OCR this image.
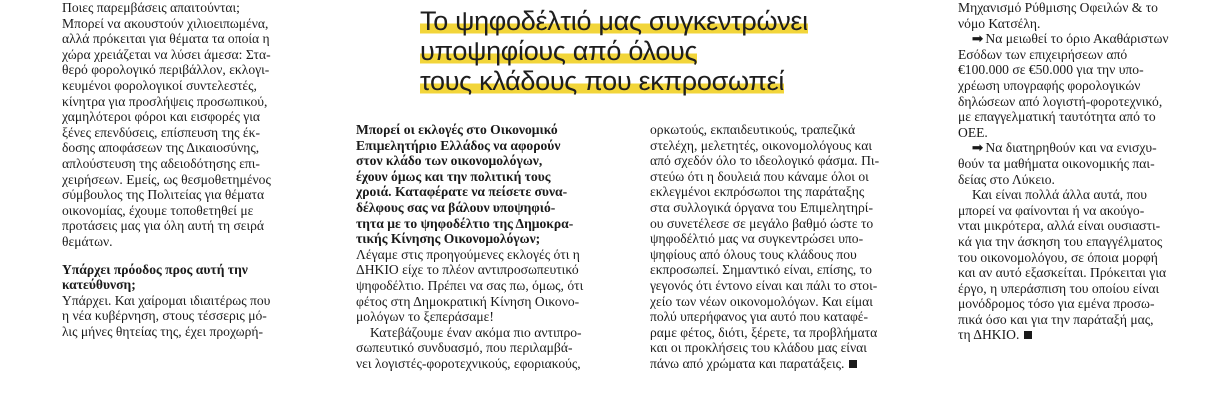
Το ψηφοδέλτιό μας συγκεντρώνει
υποψηφίους από όλους
τους κλάδους που εκπροσωπεί

Ποιες παρεμβάσεις απαιτούνται;
Μπορεί να ακουστούν χιλιοειπωμένα,
αλλά πρόκειται για θέματα τα οποία η
χώρα χρειάζεται να λύσει άμεσα: Στα-
θερό φορολογικό περιβάλλον, εκλογι-
κευμένοι φορολογικοί συντελεστές,
κίνητρα για προσλήψεις προσωπικού,
χαμηλότεροι φόροι και εισφορές για
ξένες επενδύσεις, επίσπευση της έκ-
δοσης αποφάσεων της Δικαιοσύνης,
απλούστευση της αδειοδότησης επι-
χειρήσεων. Εμείς, ως θεσμοθετημένος
σύμβουλος της Πολιτείας για θέματα
οικονομίας, έχουμε τοποθετηθεί με
προτάσεις μας για όλη αυτή τη σειρά
θεμάτων.

Υπάρχει πρόοδος προς αυτή την
κατεύθυνση;

Υπάρχει. Και χαίρομαι ιδιαιτέρως που
η νέα κυβέρνηση, στους τέσσερις μό-
λις μήνες θητείας της, έχει προχωρή-

Μπορεί οι εκλογές στο Οικονομικό
Επιμελητήριο Ελλάδος να αφορούν
στον κλάδο των οικονομολόγων,
έχουν όμως και την πολιτική τους
χροιά. Καταφέρατε να πείσετε συνα-
δέλφους σας να βάλουν υποψηφιό-
τητα με το ψηφοδέλτιο της Δημοκρα-
τικής Κίνησης Οικονομολόγων;

Λέγαμε στις προηγούμενες εκλογές ότι η
ΔΗΚΙΟ είχε το πλέον αντιπροσωπευτικό
ψηφοδέλτιο. Πρέπει να σας πω, όμως, ότι
φέτος στη Δημοκρατική Κίνηση Οικονο-
μολόγων το ξεπεράσαμε!

Κατεβάζουμε έναν ακόμα πιο αντιπρο-
σωπευτικό συνδυασμό, που περιλαμβά-
νει λογιστές-φοροτεχνικούς, εφοριακούς,

ορκωτούς, εκπαιδευτικούς, τραπεζικά
στελέχη, μελετητές, οικονομολόγους και
από σχεδόν όλο το ιδεολογικό φάσμα. Πι-
στεύω ότι η δουλειά που κάναμε όλοι οι
εκλεγμένοι εκπρόσωποι της παράταξης
στα συλλογικά όργανα του Επιμελητηρί-
ου συνετέλεσε σε μεγάλο βαθμό ώστε το
ψηφοδέλτιό μας να συγκεντρώσει υπο-
ψηφίους από όλους τους κλάδους που
εκπροσωπεί. Σημαντικό είναι, επίσης, το
γεγονός ότι έντονο είναι και πάλι το στοι-
χείο των νέων οικονομολόγων. Και είμαι
πολύ υπερήφανος για αυτό που καταφέ-
ραμε φέτος, διότι, ξέρετε, τα προβλήματα
και οι προκλήσεις του κλάδου μας είναι
πάνω από χρώματα και παρατάξεις.

Μηχανισμό Ρύθμισης Οφειλών & το
νόμο Κατσέλη.

➟ Να μειωθεί το όριο Ακαθάριστων
Εσόδων των επιχειρήσεων από
€100.000 σε €50.000 για την υπο-
χρέωση υπογραφής φορολογικών
δηλώσεων από λογιστή-φοροτεχνικό,
με επαγγελματική ταυτότητα από το
ΟΕΕ.

➟ Να διατηρηθούν και να ενισχυ-
θούν τα μαθήματα οικονομικής παι-
δείας στο Λύκειο.

Και είναι πολλά άλλα αυτά, που
μπορεί να φαίνονται ή να ακούγο-
νται μικρότερα, αλλά είναι ουσιαστι-
κά για την άσκηση του επαγγέλματος
του οικονομολόγου, σε όποια μορφή
και αν αυτό εξασκείται. Πρόκειται για
έργο, η υπεράσπιση του οποίου είναι
μονόδρομος τόσο για εμένα προσω-
πικά όσο και για την παράταξή μας,
τη ΔΗΚΙΟ.
